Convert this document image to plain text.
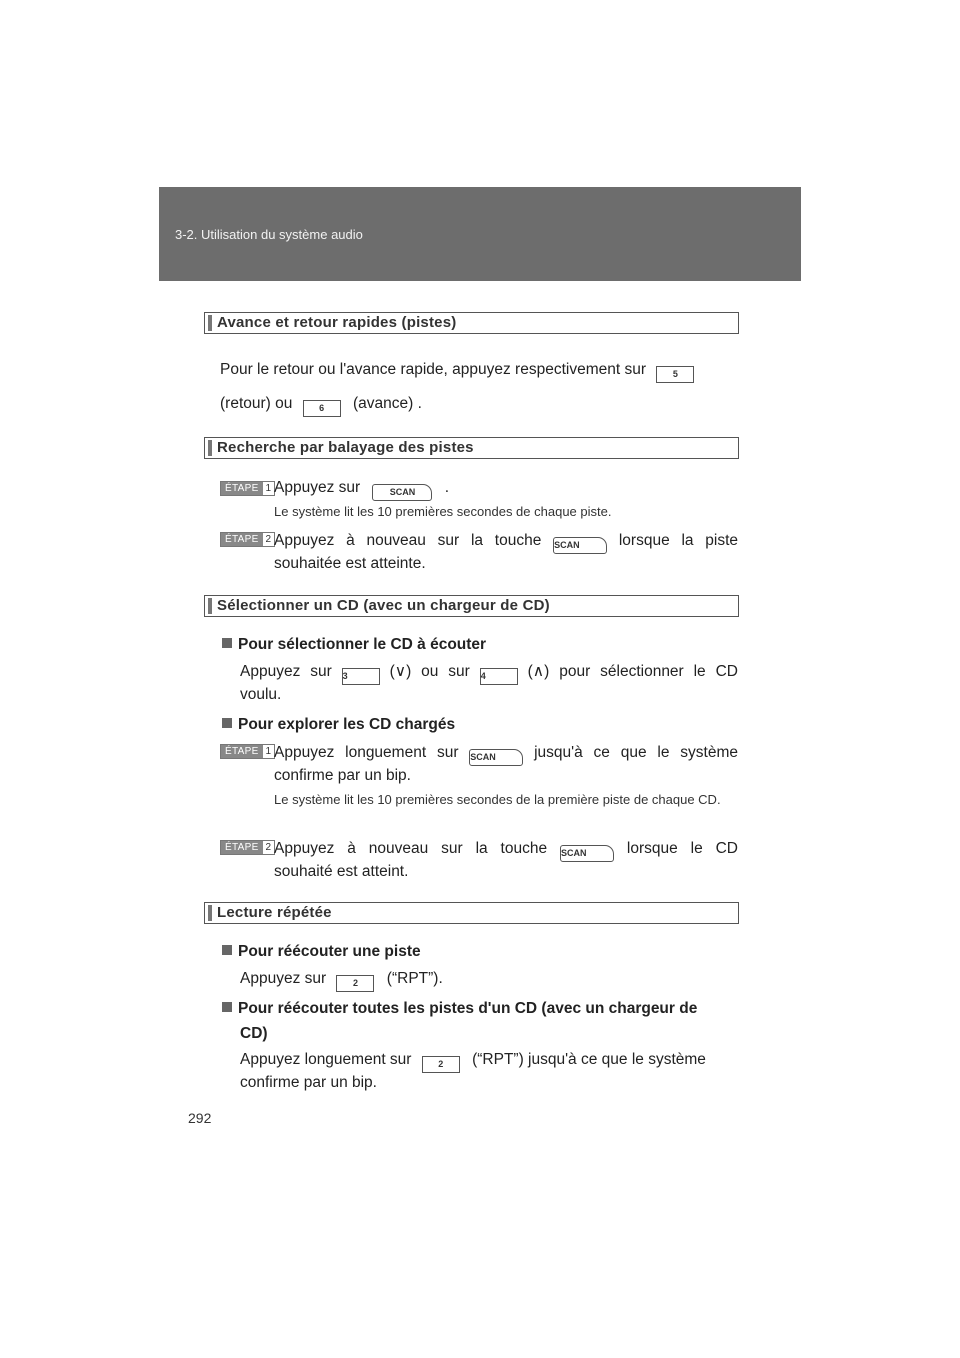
3-2. Utilisation du système audio
Avance et retour rapides (pistes)
Pour le retour ou l'avance rapide, appuyez respectivement sur	5
(retour) ou	6 (avance) .
Recherche par balayage des pistes
ÉTAPE 1 Appuyez sur	SCAN .
Le système lit les 10 premières secondes de chaque piste.
ÉTAPE 2 Appuyez à nouveau sur la touche SCAN	lorsque la piste
souhaitée est atteinte.
Sélectionner un CD (avec un chargeur de CD)
Pour sélectionner le CD à écouter
Appuyez sur 3	(∨) ou sur 4	(∧) pour sélectionner le CD
voulu.
Pour explorer les CD chargés
ÉTAPE 1 Appuyez longuement sur SCAN jusqu'à ce que le système
confirme par un bip.
Le système lit les 10 premières secondes de la première piste de chaque CD.
ÉTAPE 2 Appuyez à nouveau sur la touche SCAN	lorsque le CD
souhaité est atteint.
Lecture répétée
Pour réécouter une piste
Appuyez sur	2 (“RPT”).
Pour réécouter toutes les pistes d'un CD (avec un chargeur de
CD)
Appuyez longuement sur	2 (“RPT”) jusqu'à ce que le système
confirme par un bip.
292
